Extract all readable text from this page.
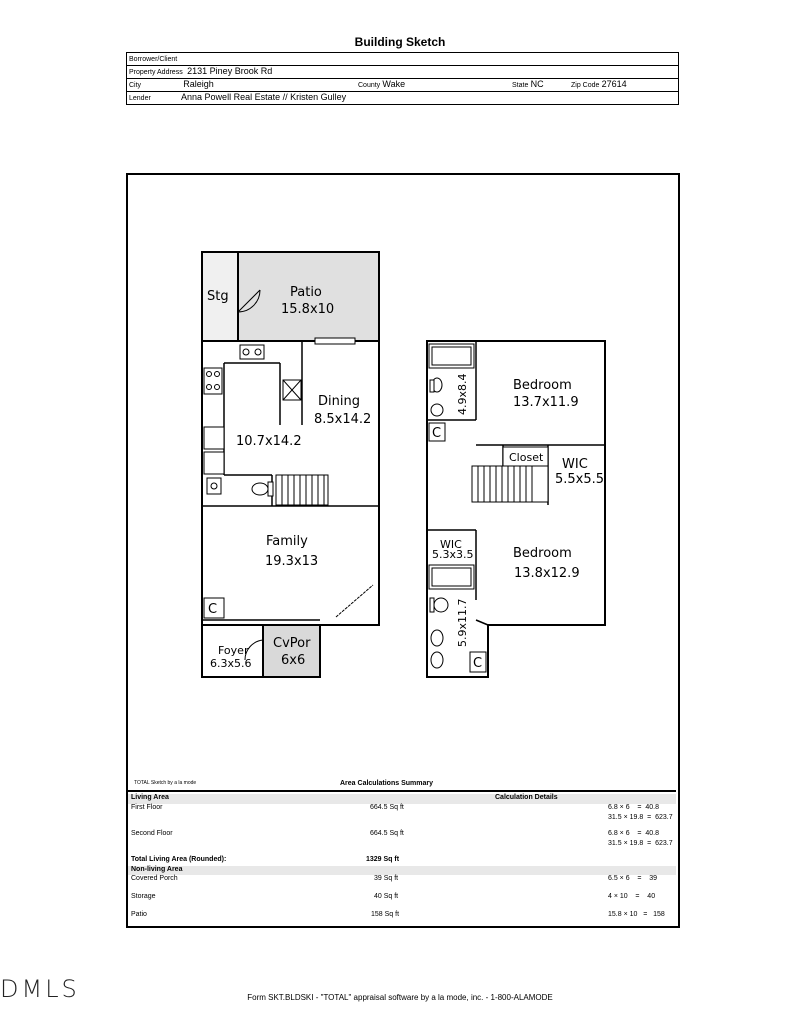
Building Sketch
Borrower/Client
Property Address 2131 Piney Brook Rd
City	Raleigh	County Wake	State NC	Zip Code 27614
Lender	Anna Powell Real Estate // Kristen Gulley
Stg	Patio
15.8x10
Dining
8.5x14.2
10.7x14.2
Family
19.3x13
C
Foyer
6.3x5.6
CvPor
6x6
Bedroom
13.7x11.9
4.9x8.4
C
Closet WIC
5.5x5.5
WIC
5.3x3.5	Bedroom
13.8x12.9
5.9x11.7
C
TOTAL Sketch by a la mode	Area Calculations Summary
Living Area	Calculation Details
First Floor	664.5 Sq ft	6.8 × 6    =  40.8
31.5 × 19.8  =  623.7
Second Floor	664.5 Sq ft	6.8 × 6    =  40.8
31.5 × 19.8  =  623.7
Total Living Area (Rounded):	1329 Sq ft
Non-living Area
Covered Porch	39 Sq ft	6.5 × 6    =    39
Storage	40 Sq ft	4 × 10    =    40
Patio	158 Sq ft	15.8 × 10   =   158
DMLS	Form SKT.BLDSKI - "TOTAL" appraisal software by a la mode, inc. - 1-800-ALAMODE
